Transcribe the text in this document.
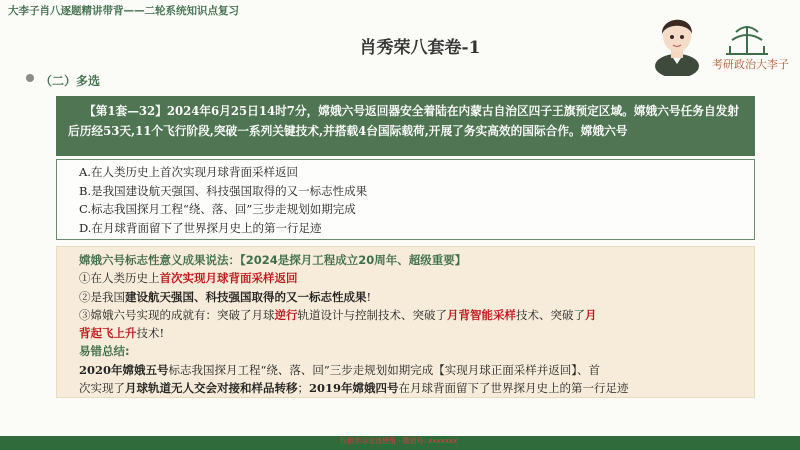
大李子肖八逐题精讲带背——二轮系统知识点复习
肖秀荣八套卷-1
考研政治大李子
（二）多选
【第1套—32】2024年6月25日14时7分，嫦娥六号返回器安全着陆在内蒙古自治区四子王旗预定区域。嫦娥六号任务自发射后历经53天,11个飞行阶段,突破一系列关键技术,并搭载4台国际载荷,开展了务实高效的国际合作。嫦娥六号
A.在人类历史上首次实现月球背面采样返回
B.是我国建设航天强国、科技强国取得的又一标志性成果
C.标志我国探月工程“绕、落、回”三步走规划如期完成
D.在月球背面留下了世界探月史上的第一行足迹
嫦娥六号标志性意义成果说法：【2024是探月工程成立20周年、超级重要】
①在人类历史上首次实现月球背面采样返回
②是我国建设航天强国、科技强国取得的又一标志性成果!
③嫦娥六号实现的成就有：突破了月球逆行轨道设计与控制技术、突破了月背智能采样技术、突破了月
背起飞上升技术!
易错总结:
2020年嫦娥五号标志我国探月工程“绕、落、回”三步走规划如期完成【实现月球正面采样并返回】、首
次实现了月球轨道无人交会对接和样品转移；2019年嫦娥四号在月球背面留下了世界探月史上的第一行足迹
仅供学习交流使用 · 微信号: xxxxxxx
